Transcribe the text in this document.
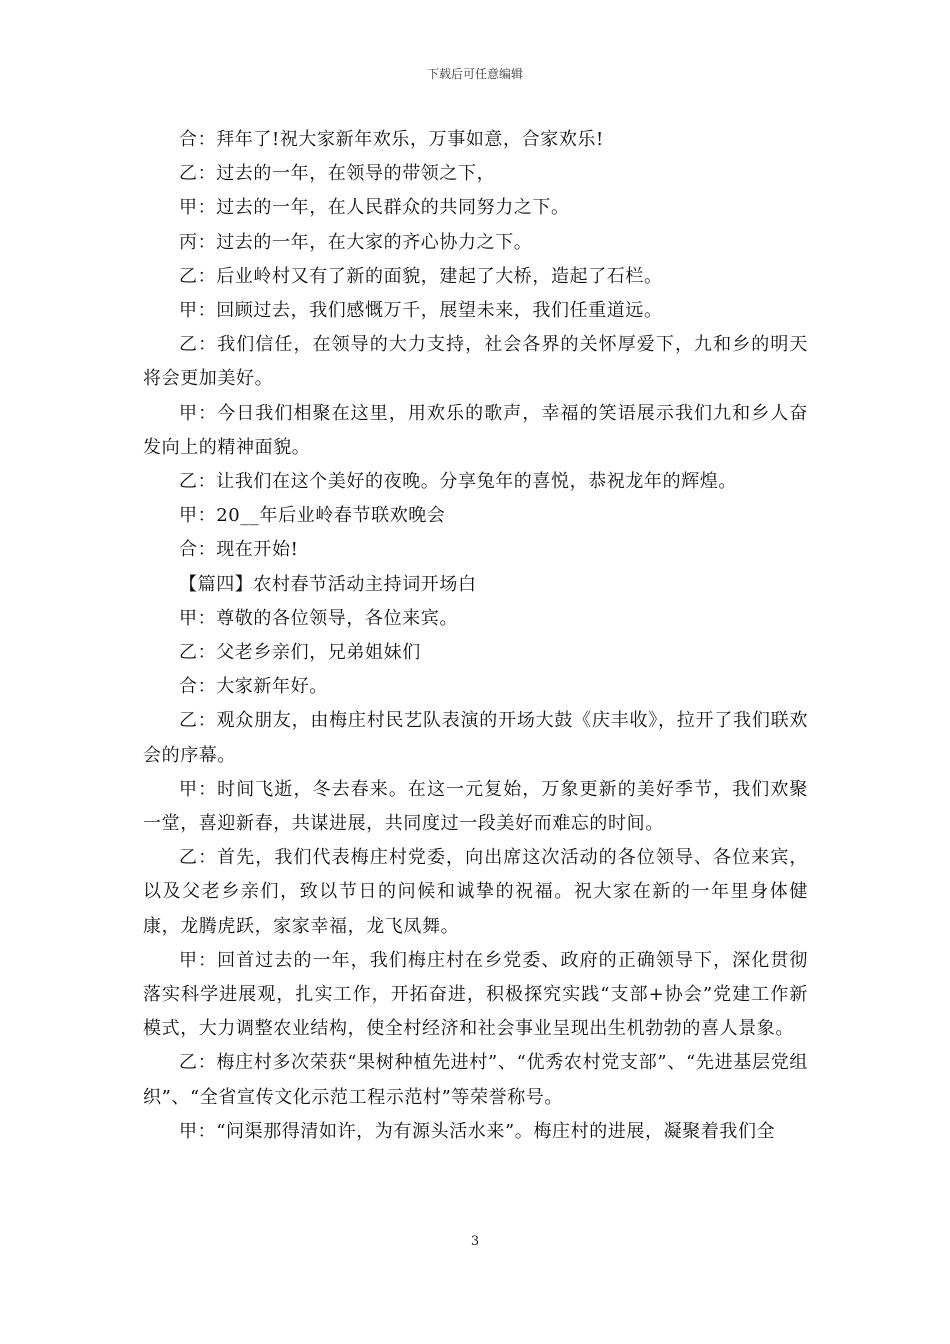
下载后可任意编辑

合：拜年了!祝大家新年欢乐，万事如意，合家欢乐!

乙：过去的一年，在领导的带领之下，

甲：过去的一年，在人民群众的共同努力之下。

丙：过去的一年，在大家的齐心协力之下。

乙：后业岭村又有了新的面貌，建起了大桥，造起了石栏。

甲：回顾过去，我们感慨万千，展望未来，我们任重道远。

乙：我们信任，在领导的大力支持，社会各界的关怀厚爱下，九和乡的明天将会更加美好。

甲：今日我们相聚在这里，用欢乐的歌声，幸福的笑语展示我们九和乡人奋发向上的精神面貌。

乙：让我们在这个美好的夜晚。分享兔年的喜悦，恭祝龙年的辉煌。

甲：20__年后业岭春节联欢晚会

合：现在开始!

【篇四】农村春节活动主持词开场白

甲：尊敬的各位领导，各位来宾。

乙：父老乡亲们，兄弟姐妹们

合：大家新年好。

乙：观众朋友，由梅庄村民艺队表演的开场大鼓《庆丰收》，拉开了我们联欢会的序幕。

甲：时间飞逝，冬去春来。在这一元复始，万象更新的美好季节，我们欢聚一堂，喜迎新春，共谋进展，共同度过一段美好而难忘的时间。

乙：首先，我们代表梅庄村党委，向出席这次活动的各位领导、各位来宾，以及父老乡亲们，致以节日的问候和诚挚的祝福。祝大家在新的一年里身体健康，龙腾虎跃，家家幸福，龙飞凤舞。

甲：回首过去的一年，我们梅庄村在乡党委、政府的正确领导下，深化贯彻落实科学进展观，扎实工作，开拓奋进，积极探究实践“支部+协会”党建工作新模式，大力调整农业结构，使全村经济和社会事业呈现出生机勃勃的喜人景象。

乙：梅庄村多次荣获“果树种植先进村”、“优秀农村党支部”、“先进基层党组织”、“全省宣传文化示范工程示范村”等荣誉称号。

甲：“问渠那得清如许，为有源头活水来”。梅庄村的进展，凝聚着我们全

3
